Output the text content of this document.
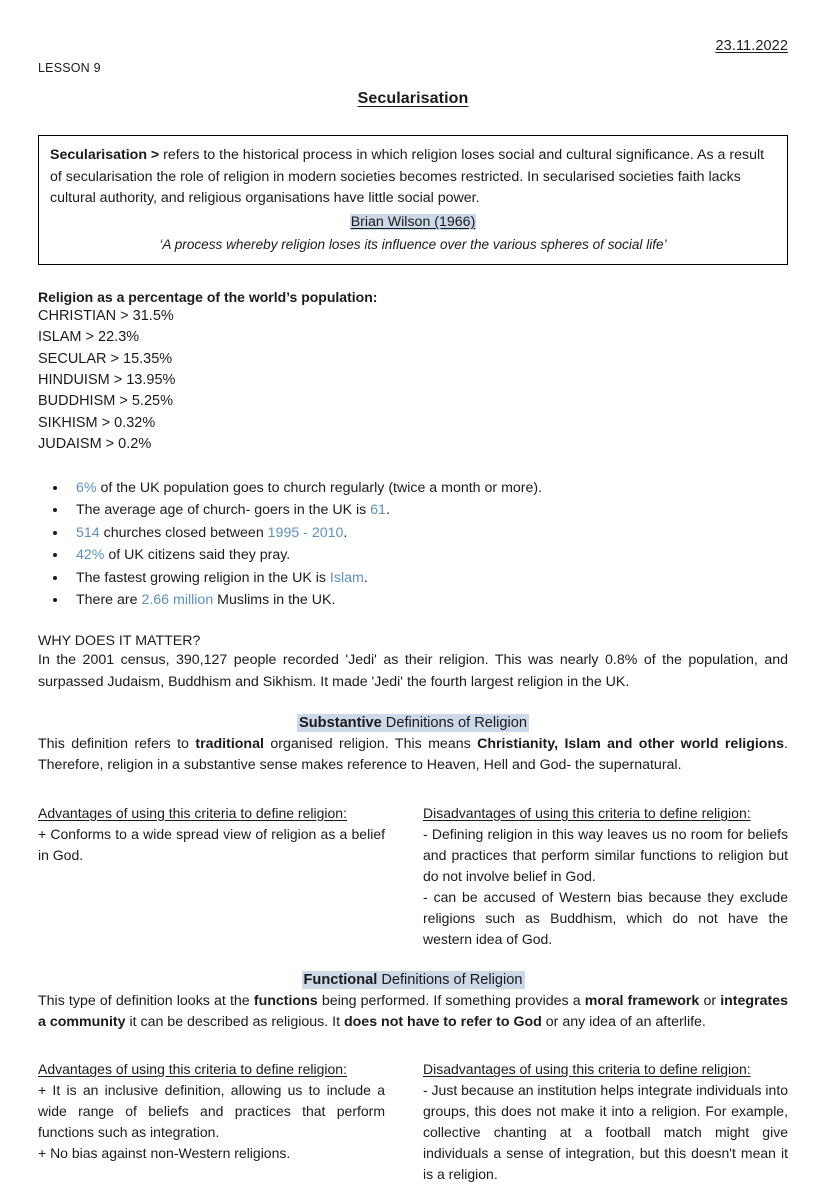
23.11.2022
LESSON 9
Secularisation

Secularisation > refers to the historical process in which religion loses social and cultural significance. As a result of secularisation the role of religion in modern societies becomes restricted. In secularised societies faith lacks cultural authority, and religious organisations have little social power.

Brian Wilson (1966)

‘A process whereby religion loses its influence over the various spheres of social life’

Religion as a percentage of the world’s population:

CHRISTIAN > 31.5%
ISLAM > 22.3%
SECULAR > 15.35%
HINDUISM > 13.95%
BUDDHISM > 5.25%
SIKHISM > 0.32%
JUDAISM > 0.2%
• 6% of the UK population goes to church regularly (twice a month or more).
• The average age of church- goers in the UK is 61.
• 514 churches closed between 1995 - 2010.
• 42% of UK citizens said they pray.
• The fastest growing religion in the UK is Islam.
• There are 2.66 million Muslims in the UK.

WHY DOES IT MATTER?

In the 2001 census, 390,127 people recorded 'Jedi' as their religion. This was nearly 0.8% of the population, and surpassed Judaism, Buddhism and Sikhism. It made 'Jedi' the fourth largest religion in the UK.

Substantive Definitions of Religion

This definition refers to traditional organised religion. This means Christianity, Islam and other world religions. Therefore, religion in a substantive sense makes reference to Heaven, Hell and God- the supernatural.

Advantages of using this criteria to define religion:

+ Conforms to a wide spread view of religion as a belief in God.

Disadvantages of using this criteria to define religion:

- Defining religion in this way leaves us no room for beliefs and practices that perform similar functions to religion but do not involve belief in God.

- can be accused of Western bias because they exclude religions such as Buddhism, which do not have the western idea of God.

Functional Definitions of Religion

This type of definition looks at the functions being performed. If something provides a moral framework or integrates a community it can be described as religious. It does not have to refer to God or any idea of an afterlife.

Advantages of using this criteria to define religion:

+ It is an inclusive definition, allowing us to include a wide range of beliefs and practices that perform functions such as integration.

+ No bias against non-Western religions.

Disadvantages of using this criteria to define religion:

- Just because an institution helps integrate individuals into groups, this does not make it into a religion. For example, collective chanting at a football match might give individuals a sense of integration, but this doesn't mean it is a religion.
